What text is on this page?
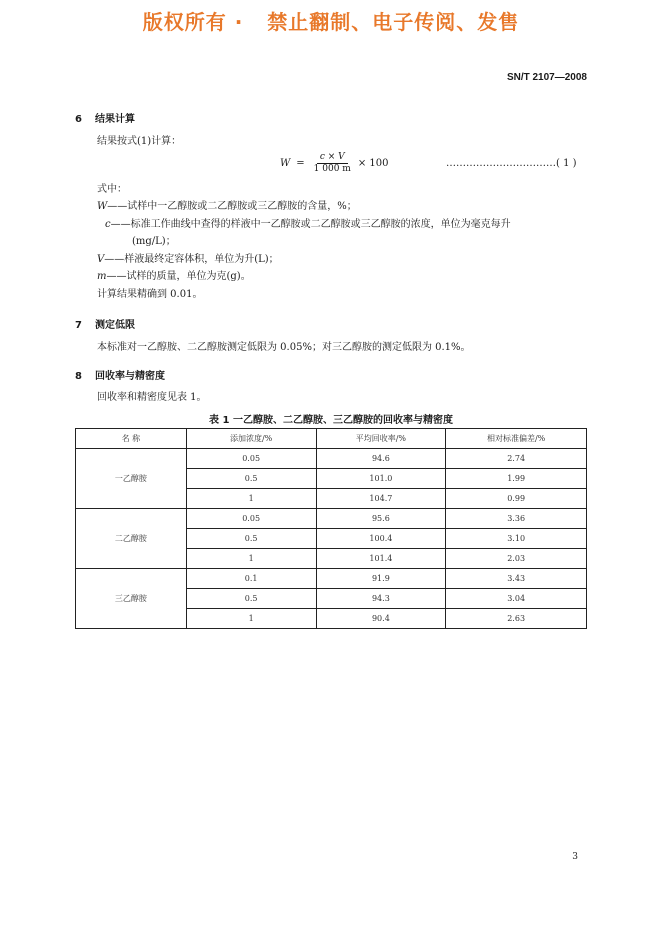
版权所有 ·   禁止翻制、电子传阅、发售
SN/T 2107—2008
6 结果计算
结果按式(1)计算：
$W = \frac{c \times V}{1 000 m} \times 100$	……………………………( 1 )
式中：
W——试样中一乙醇胺或二乙醇胺或三乙醇胺的含量，%；
c——标准工作曲线中查得的样液中一乙醇胺或二乙醇胺或三乙醇胺的浓度，单位为毫克每升
(mg/L)；
V——样液最终定容体积，单位为升(L)；
m——试样的质量，单位为克(g)。
计算结果精确到 0.01。
7 测定低限
本标准对一乙醇胺、二乙醇胺测定低限为 0.05%；对三乙醇胺的测定低限为 0.1%。
8 回收率与精密度
回收率和精密度见表 1。
表 1 一乙醇胺、二乙醇胺、三乙醇胺的回收率与精密度
名 称	添加浓度/%	平均回收率/%	相对标准偏差/%
一乙醇胺	0.05	94.6	2.74
	0.5	101.0	1.99
	1	104.7	0.99
二乙醇胺	0.05	95.6	3.36
	0.5	100.4	3.10
	1	101.4	2.03
三乙醇胺	0.1	91.9	3.43
	0.5	94.3	3.04
	1	90.4	2.63
3
